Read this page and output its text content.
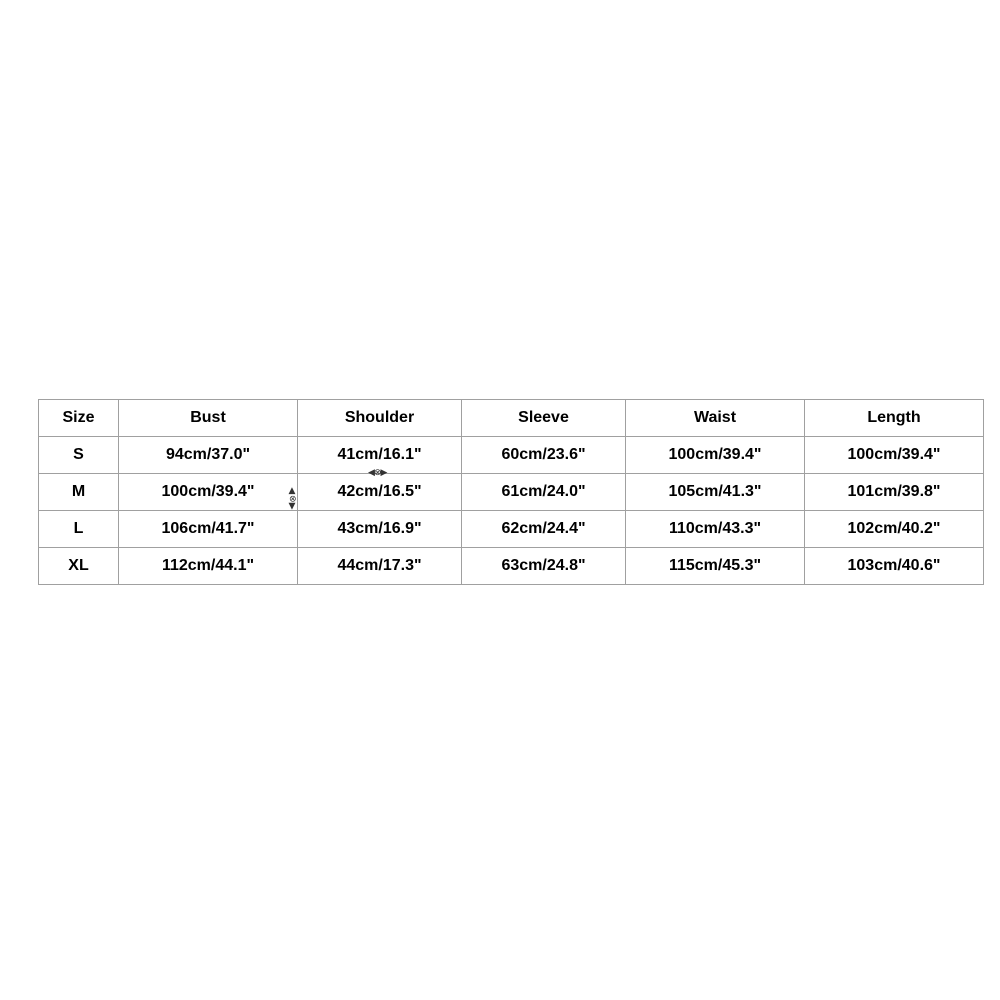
Size	Bust	Shoulder	Sleeve	Waist	Length
S	94cm/37.0"	41cm/16.1"	60cm/23.6"	100cm/39.4"	100cm/39.4"
M	100cm/39.4"	42cm/16.5"	61cm/24.0"	105cm/41.3"	101cm/39.8"
L	106cm/41.7"	43cm/16.9"	62cm/24.4"	110cm/43.3"	102cm/40.2"
XL	112cm/44.1"	44cm/17.3"	63cm/24.8"	115cm/45.3"	103cm/40.6"
◀⊗▶
▲⊗▼
